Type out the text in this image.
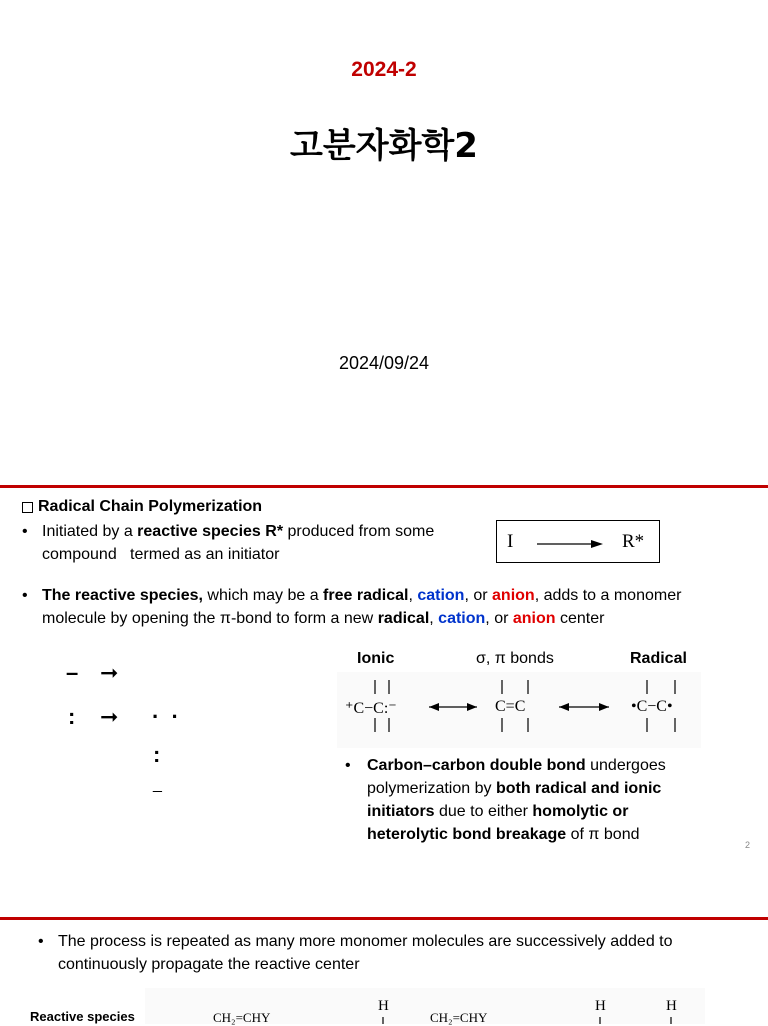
2024-2
고분자화학2
2024/09/24
Radical Chain Polymerization
• Initiated by a reactive species R* produced from some
compound   termed as an initiator
I → R*
• The reactive species, which may be a free radical, cation, or anion, adds to a monomer
molecule by opening the π-bond to form a new radical, cation, or anion center
– ➞
: ➞ ·  ·
:
_
Ionic	σ, π bonds	Radical
⁺C−C:⁻	C=C	•C−C•
• Carbon–carbon double bond undergoes
polymerization by both radical and ionic
initiators due to either homolytic or
heterolytic bond breakage of π bond
2
• The process is repeated as many more monomer molecules are successively added to
continuously propagate the reactive center
Reactive species	CH₂=CHY	CH₂=CHY
H	H	H
